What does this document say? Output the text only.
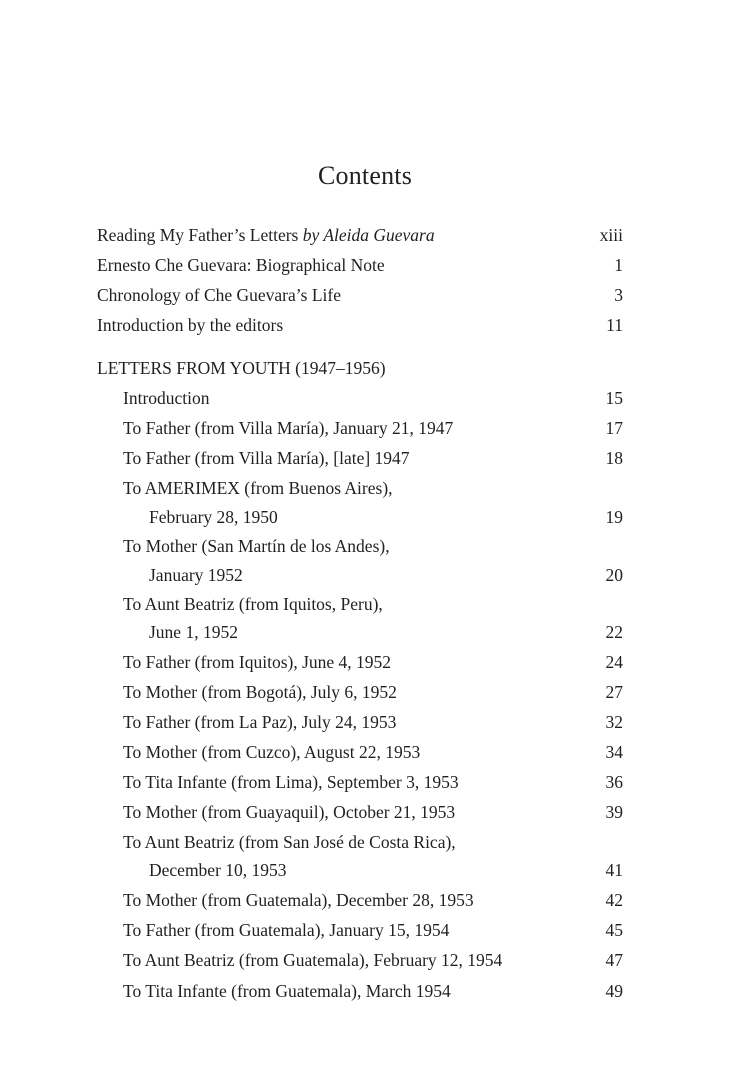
Contents
Reading My Father’s Letters by Aleida Guevara	xiii
Ernesto Che Guevara: Biographical Note	1
Chronology of Che Guevara’s Life	3
Introduction by the editors	11
LETTERS FROM YOUTH (1947–1956)
Introduction	15
To Father (from Villa María), January 21, 1947	17
To Father (from Villa María), [late] 1947	18
To AMERIMEX (from Buenos Aires),
February 28, 1950	19
To Mother (San Martín de los Andes),
January 1952	20
To Aunt Beatriz (from Iquitos, Peru),
June 1, 1952	22
To Father (from Iquitos), June 4, 1952	24
To Mother (from Bogotá), July 6, 1952	27
To Father (from La Paz), July 24, 1953	32
To Mother (from Cuzco), August 22, 1953	34
To Tita Infante (from Lima), September 3, 1953	36
To Mother (from Guayaquil), October 21, 1953	39
To Aunt Beatriz (from San José de Costa Rica),
December 10, 1953	41
To Mother (from Guatemala), December 28, 1953	42
To Father (from Guatemala), January 15, 1954	45
To Aunt Beatriz (from Guatemala), February 12, 1954	47
To Tita Infante (from Guatemala), March 1954	49
